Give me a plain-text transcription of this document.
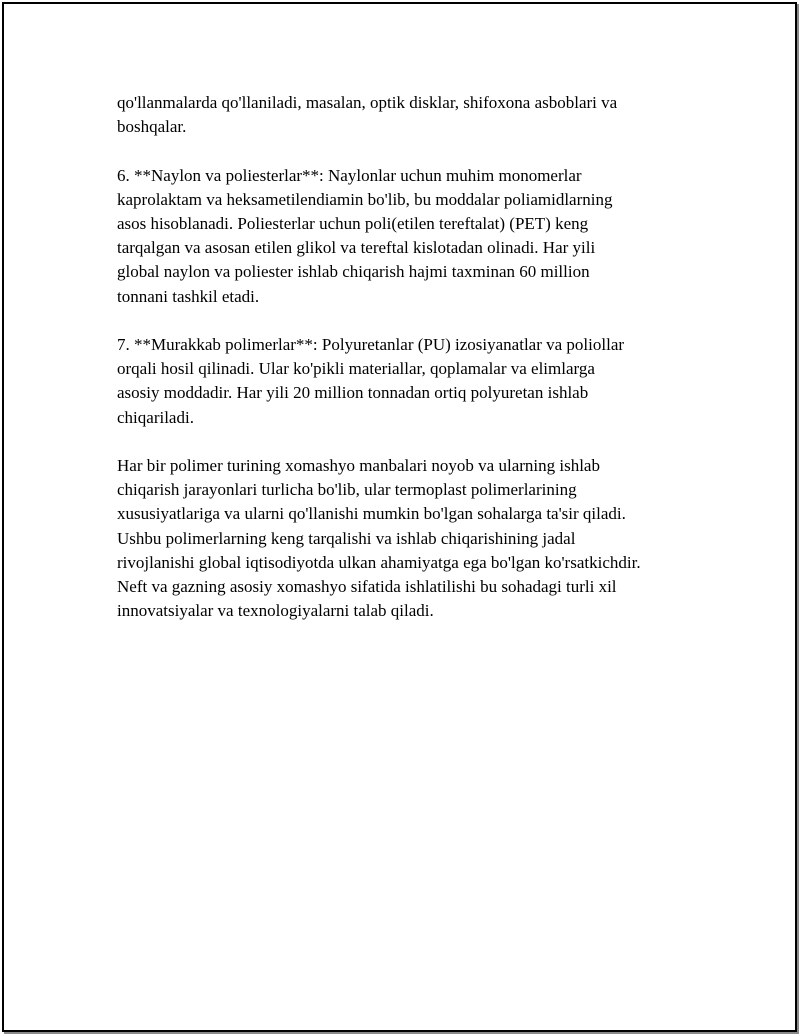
qo'llanmalarda qo'llaniladi, masalan, optik disklar, shifoxona asboblari va
boshqalar.

6. **Naylon va poliesterlar**: Naylonlar uchun muhim monomerlar
kaprolaktam va heksametilendiamin bo'lib, bu moddalar poliamidlarning
asos hisoblanadi. Poliesterlar uchun poli(etilen tereftalat) (PET) keng
tarqalgan va asosan etilen glikol va tereftal kislotadan olinadi. Har yili
global naylon va poliester ishlab chiqarish hajmi taxminan 60 million
tonnani tashkil etadi.

7. **Murakkab polimerlar**: Polyuretanlar (PU) izosiyanatlar va poliollar
orqali hosil qilinadi. Ular ko'pikli materiallar, qoplamalar va elimlarga
asosiy moddadir. Har yili 20 million tonnadan ortiq polyuretan ishlab
chiqariladi.

Har bir polimer turining xomashyo manbalari noyob va ularning ishlab
chiqarish jarayonlari turlicha bo'lib, ular termoplast polimerlarining
xususiyatlariga va ularni qo'llanishi mumkin bo'lgan sohalarga ta'sir qiladi.
Ushbu polimerlarning keng tarqalishi va ishlab chiqarishining jadal
rivojlanishi global iqtisodiyotda ulkan ahamiyatga ega bo'lgan ko'rsatkichdir.
Neft va gazning asosiy xomashyo sifatida ishlatilishi bu sohadagi turli xil
innovatsiyalar va texnologiyalarni talab qiladi.
